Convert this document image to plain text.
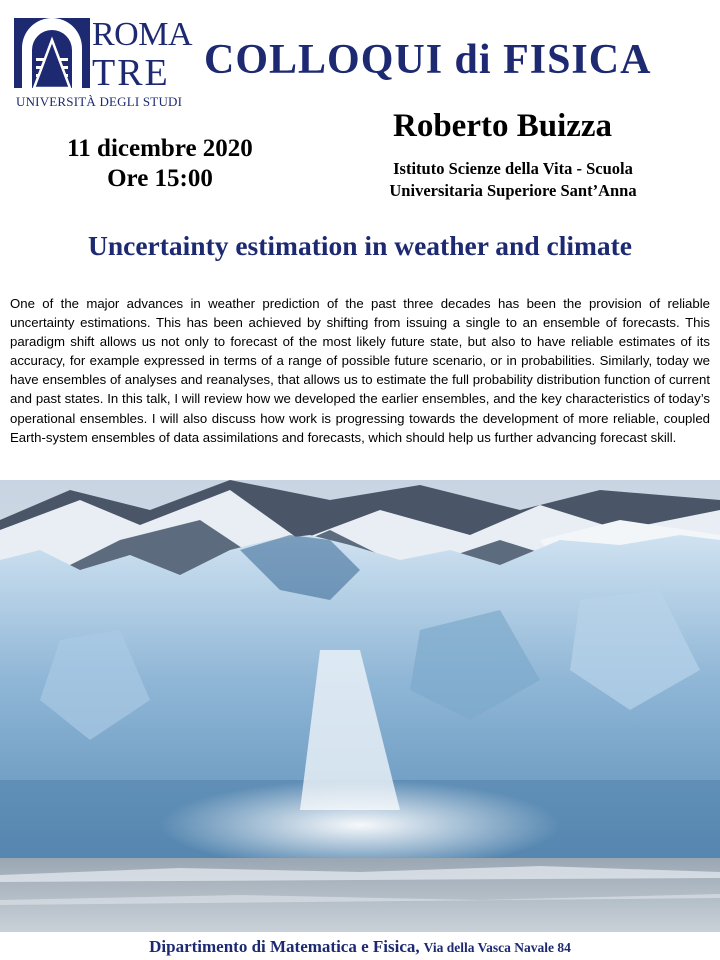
ROMA
TRE
UNIVERSITÀ DEGLI STUDI
COLLOQUI di FISICA
Roberto Buizza
11 dicembre 2020
Ore 15:00	Istituto Scienze della Vita - Scuola
Universitaria Superiore Sant’Anna
Uncertainty estimation in weather and climate

One of the major advances in weather prediction of the past three decades has been the provision of reliable uncertainty estimations. This has been achieved by shifting from issuing a single to an ensemble of forecasts. This paradigm shift allows us not only to forecast of the most likely future state, but also to have reliable estimates of its accuracy, for example expressed in terms of a range of possible future scenario, or in probabilities. Similarly, today we have ensembles of analyses and reanalyses, that allows us to estimate the full probability distribution function of current and past states. In this talk, I will review how we developed the earlier ensembles, and the key characteristics of today’s operational ensembles. I will also discuss how work is progressing towards the development of more reliable, coupled Earth-system ensembles of data assimilations and forecasts, which should help us further advancing forecast skill.

Dipartimento di Matematica e Fisica, Via della Vasca Navale 84
